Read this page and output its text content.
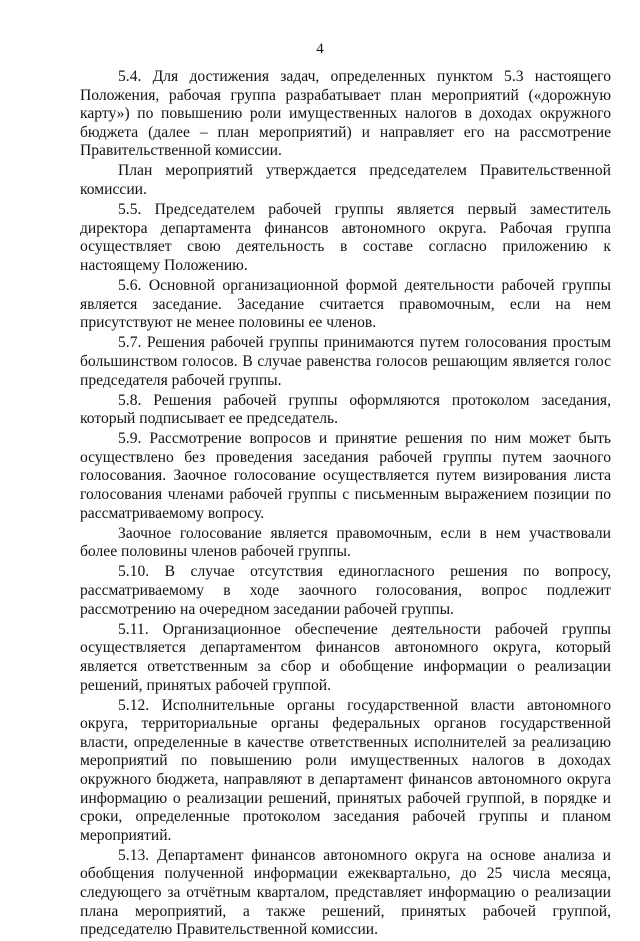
4

5.4. Для достижения задач, определенных пунктом 5.3 настоящего Положения, рабочая группа разрабатывает план мероприятий («дорожную карту») по повышению роли имущественных налогов в доходах окружного бюджета (далее – план мероприятий) и направляет его на рассмотрение Правительственной комиссии.

План мероприятий утверждается председателем Правительственной комиссии.

5.5. Председателем рабочей группы является первый заместитель директора департамента финансов автономного округа. Рабочая группа осуществляет свою деятельность в составе согласно приложению к настоящему Положению.

5.6. Основной организационной формой деятельности рабочей группы является заседание. Заседание считается правомочным, если на нем присутствуют не менее половины ее членов.

5.7. Решения рабочей группы принимаются путем голосования простым большинством голосов. В случае равенства голосов решающим является голос председателя рабочей группы.

5.8. Решения рабочей группы оформляются протоколом заседания, который подписывает ее председатель.

5.9. Рассмотрение вопросов и принятие решения по ним может быть осуществлено без проведения заседания рабочей группы путем заочного голосования. Заочное голосование осуществляется путем визирования листа голосования членами рабочей группы с письменным выражением позиции по рассматриваемому вопросу.

Заочное голосование является правомочным, если в нем участвовали более половины членов рабочей группы.

5.10. В случае отсутствия единогласного решения по вопросу, рассматриваемому в ходе заочного голосования, вопрос подлежит рассмотрению на очередном заседании рабочей группы.

5.11. Организационное обеспечение деятельности рабочей группы осуществляется департаментом финансов автономного округа, который является ответственным за сбор и обобщение информации о реализации решений, принятых рабочей группой.

5.12. Исполнительные органы государственной власти автономного округа, территориальные органы федеральных органов государственной власти, определенные в качестве ответственных исполнителей за реализацию мероприятий по повышению роли имущественных налогов в доходах окружного бюджета, направляют в департамент финансов автономного округа информацию о реализации решений, принятых рабочей группой, в порядке и сроки, определенные протоколом заседания рабочей группы и планом мероприятий.

5.13. Департамент финансов автономного округа на основе анализа и обобщения полученной информации ежеквартально, до 25 числа месяца, следующего за отчётным кварталом, представляет информацию о реализации плана мероприятий, а также решений, принятых рабочей группой, председателю Правительственной комиссии.
